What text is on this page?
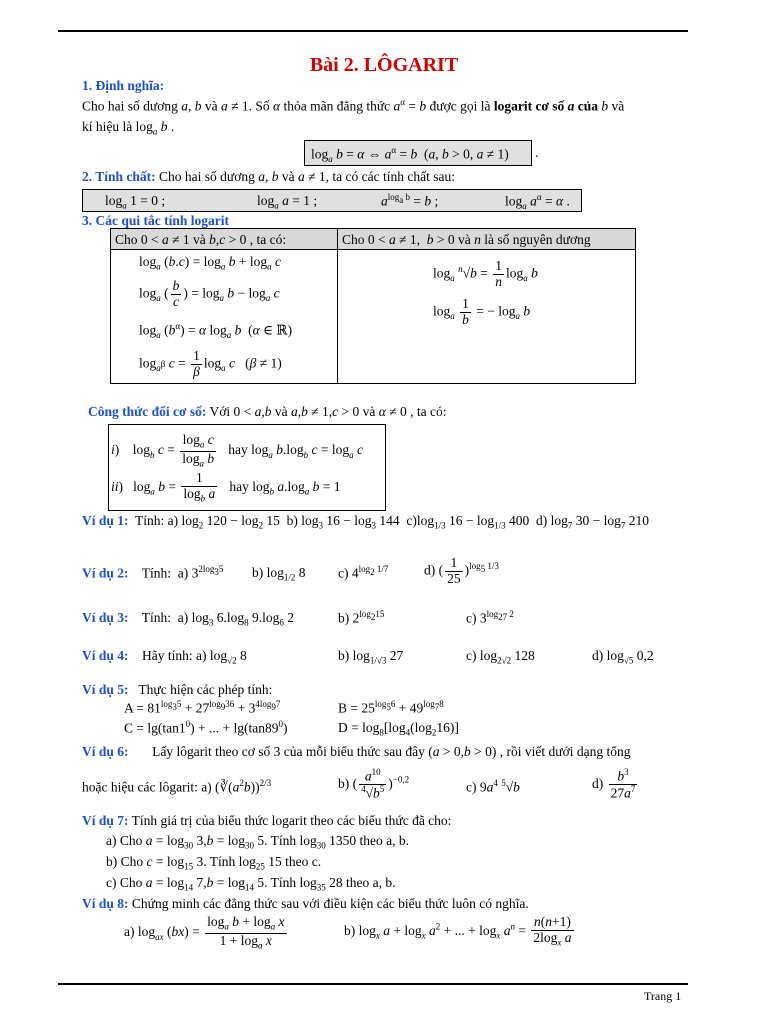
Bài 2. LÔGARIT
1. Định nghĩa:
Cho hai số dương a, b và a ≠ 1. Số α thỏa mãn đẳng thức $a^\alpha = b$ được gọi là logarit cơ số a của b và
kí hiệu là $\log_a b$ .
$\log_a b = \alpha$ ⇔ $a^\alpha = b$  (a, b > 0, a ≠ 1) .
2. Tính chất: Cho hai số dương a, b và a ≠ 1, ta có các tính chất sau:
$\log_a 1 = 0$ ;	$\log_a a = 1$ ;	$a^{log_a b} = b$ ;	$\log_a a^\alpha = \alpha$ .
3. Các qui tắc tính logarit
Cho 0 < a ≠ 1 và b,c > 0 , ta có:	Cho 0 < a ≠ 1,  b > 0 và n là số nguyên dương
$\log_a (b.c) = \log_a b + \log_a c$
$\log_a$ ( $\frac{b}{c}$ ) = $\log_a b - \log_a c$
$\log_a (b^\alpha) = \alpha$ $\log_a b$  (α ∈ ℝ)
$\log_{a^\beta} c = \frac{1}{\beta} \log_a c$   (β ≠ 1)
$\log_a ^n√b = \frac{1}{n} \log_a b$
$\log_a \frac{1}{b}$ = − $\log_a b$
Công thức đổi cơ số: Với 0 < a,b và a,b ≠ 1,c > 0 và α ≠ 0 , ta có:
i)    $\log_b c = \frac{\log_a c}{\log_a b}$ hay $\log_a b.\log_b$ $c = \log_a c$
ii)   $\log_a b = \frac{1}{\log_b a}$ hay $\log_b a.\log_a$ b = 1
Ví dụ 1:  Tính: a) $\log_2 120 - \log_2 15$  b) $\log_3 16 - \log_3 144$  $c)\log_{1/3}$ $16 - \log_{1/3} 400$  d) $\log_7 30 - \log_7 210$
Ví dụ 2:    Tính:  a) $3^{2log_35}$ b) $\log_{1/2} 8$ c) $4^{log_2 1/7}$	d) ( $\frac{1}{25} )^{log_5 1/3}$
Ví dụ 3:    Tính:  a) $\log_3 6.\log_8$ $9.\log_6$ 2	b) $2^{log_215}$	c) $3^{log_{27} 2}$
Ví dụ 4:    Hãy tính: a) $\log_{√2} 8$	b) $\log_{1/√3} 27$	c) $\log_{2√2} 128$	d) $\log_{√5} 0,2$
Ví dụ 5: Thực hiện các phép tính:
$A = 81^{log_35} + 27^{log_936} + 3^{4log_97}$	$B = 25^{log_56} + 49^{log_78}$
$C = \lg(\tan 1^0)$ + ... + $\lg(\tan 89^0)$	$D = \log_8[\log_4(\log_216)]$
Ví dụ 6:       Lấy lôgarit theo cơ số 3 của mỗi biểu thức sau đây (a > 0,b > 0) , rồi viết dưới dạng tổng
hoặc hiệu các lôgarit: a) $(∛(a^2b))^{2/3}$	b) ( $\frac{a^{10}}{^4√b^5} )^{-0,2}$
c) $9a^4$ $^5$√b	$d) \frac{b^3}{27a^7}$
Ví dụ 7: Tính giá trị của biểu thức logarit theo các biểu thức đã cho:
a) Cho $a = \log_{30} 3,b = \log_{30} 5$. Tính $\log_{30} 1350$ theo a, b.
b) Cho $c = \log_{15} 3$. Tính $\log_{25} 15$ theo c.
c) Cho $a = \log_{14} 7,b = \log_{14} 5$. Tính $\log_{35} 28$ theo a, b.
Ví dụ 8: Chứng minh các đẳng thức sau với điều kiện các biểu thức luôn có nghĩa.
a) $\log_{ax} (bx) = \frac{\log_a b + \log_a x}{1 + \log_a x}$	b) $\log_x a + \log_x a^2$ + ... + $\log_x a^n = \frac{n(n+1)}{2\log_x a}$
Trang 1
